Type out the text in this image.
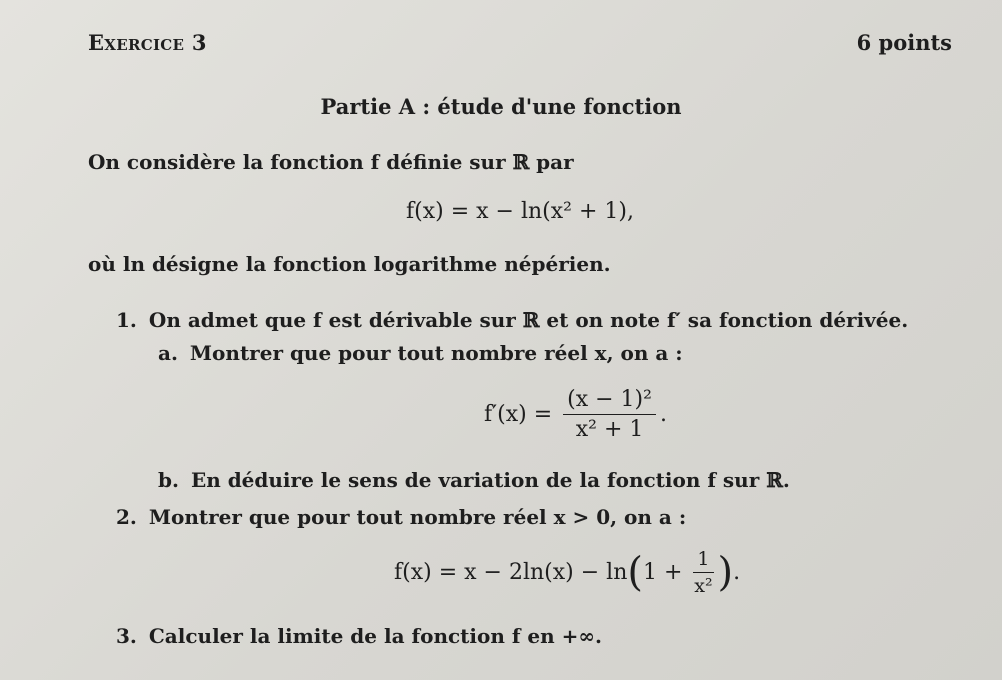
Exercice 3	6 points
Partie A : étude d'une fonction
On considère la fonction f définie sur ℝ par
f(x) = x − ln(x² + 1),
où ln désigne la fonction logarithme népérien.
1. On admet que f est dérivable sur ℝ et on note f′ sa fonction dérivée.
a. Montrer que pour tout nombre réel x, on a :
$f'(x) = \frac{\text{(x − 1)²}}{\text{x² + 1}}$ .
b. En déduire le sens de variation de la fonction f sur ℝ.
2. Montrer que pour tout nombre réel x > 0, on a :
$f(x) = x - 2\ln(x) - \ln(1 + \frac{1}{\text{x²}}$ ).
3. Calculer la limite de la fonction f en +∞.
